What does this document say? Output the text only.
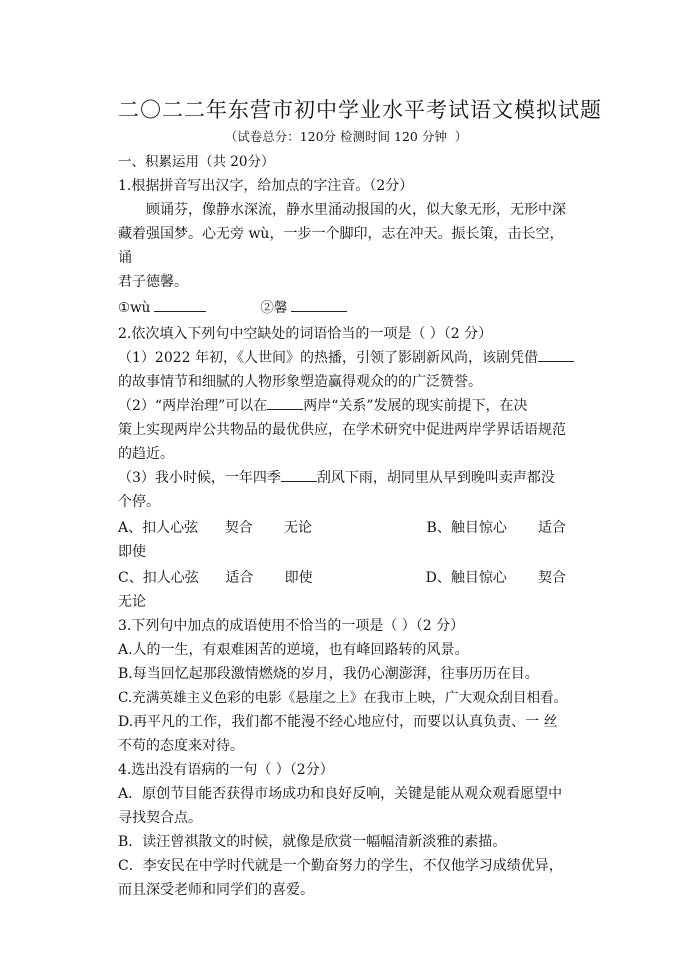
二〇二二年东营市初中学业水平考试语文模拟试题
（试卷总分：120分 检测时间 120 分钟  ）
一、积累运用（共 20分）

1.根据拼音写出汉字，给加点的字注音。（2分）

顾诵芬，像静水深流，静水里涌动报国的火，似大象无形，无形中深

藏着强国梦。心无旁 wù，一步一个脚印，志在冲天。振长策，击长空，诵

君子德馨。

①wù	②馨

2.依次填入下列句中空缺处的词语恰当的一项是（ ）（2 分）

（1）2022 年初，《人世间》的热播，引领了影剧新风尚，该剧凭借

的故事情节和细腻的人物形象塑造赢得观众的的广泛赞誉。

（2）“两岸治理”可以在	两岸“关系”发展的现实前提下，在决

策上实现两岸公共物品的最优供应，在学术研究中促进两岸学界话语规范

的趋近。

（3）我小时候，一年四季	刮风下雨，胡同里从早到晚叫卖声都没

个停。

A、扣人心弦      契合       无论	B、触目惊心       适合

即使

C、扣人心弦      适合       即使	D、触目惊心       契合

无论

3.下列句中加点的成语使用不恰当的一项是（ ）（2 分）

A.人的一生，有艰难困苦的逆境，也有峰回路转的风景。

B.每当回忆起那段激情燃烧的岁月，我仍心潮澎湃，往事历历在目。

C.充满英雄主义色彩的电影《悬崖之上》在我市上映，广大观众刮目相看。

D.再平凡的工作，我们都不能漫不经心地应付，而要以认真负责、一 丝

不苟的态度来对待。

4.选出没有语病的一句（ ）（2分）

A．原创节目能否获得市场成功和良好反响，关键是能从观众观看愿望中

寻找契合点。

B．读汪曾祺散文的时候，就像是欣赏一幅幅清新淡雅的素描。

C．李安民在中学时代就是一个勤奋努力的学生，不仅他学习成绩优异，

而且深受老师和同学们的喜爱。
